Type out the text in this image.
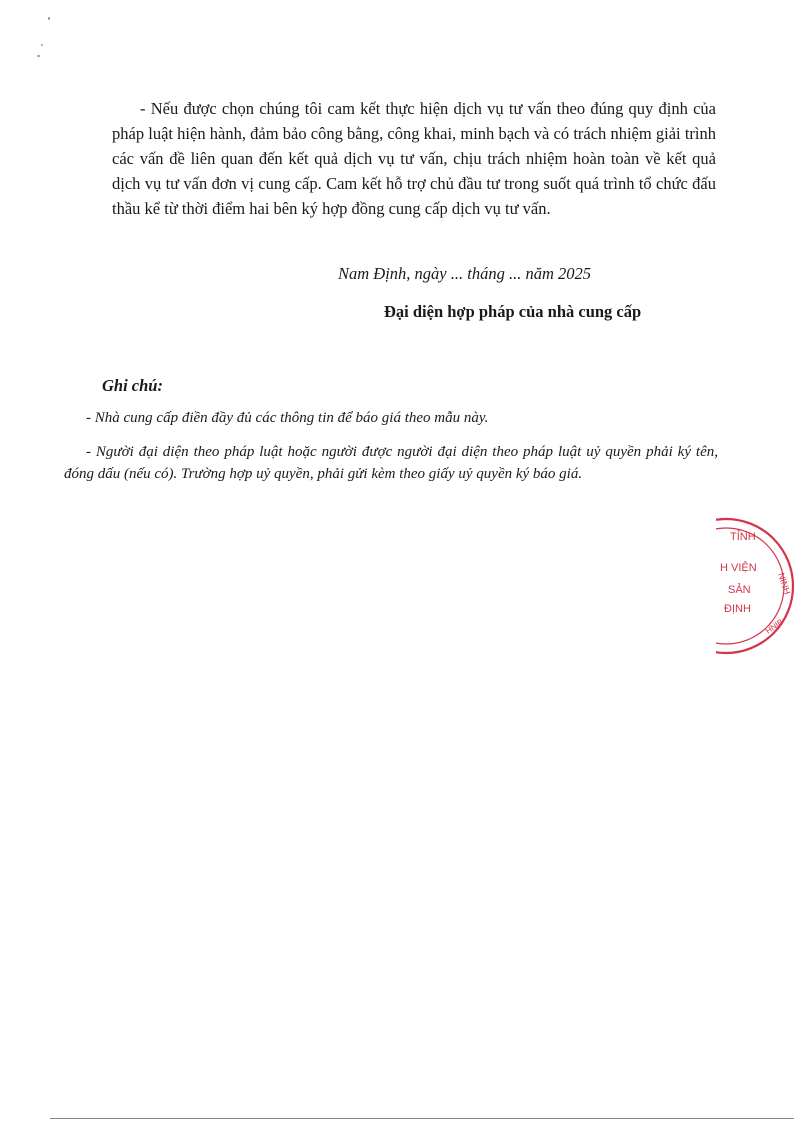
- Nếu được chọn chúng tôi cam kết thực hiện dịch vụ tư vấn theo đúng quy định của pháp luật hiện hành, đảm bảo công bằng, công khai, minh bạch và có trách nhiệm giải trình các vấn đề liên quan đến kết quả dịch vụ tư vấn, chịu trách nhiệm hoàn toàn về kết quả dịch vụ tư vấn đơn vị cung cấp. Cam kết hỗ trợ chủ đầu tư trong suốt quá trình tổ chức đấu thầu kể từ thời điểm hai bên ký hợp đồng cung cấp dịch vụ tư vấn.

Nam Định, ngày ... tháng ... năm 2025
Đại diện hợp pháp của nhà cung cấp
Ghi chú:
- Nhà cung cấp điền đầy đủ các thông tin để báo giá theo mẫu này.

- Người đại diện theo pháp luật hoặc người được người đại diện theo pháp luật uỷ quyền phải ký tên, đóng dấu (nếu có). Trường hợp uỷ quyền, phải gửi kèm theo giấy uỷ quyền ký báo giá.

TỈNH
H VIỆN
SẢN
ĐỊNH
NINH
HNIB
